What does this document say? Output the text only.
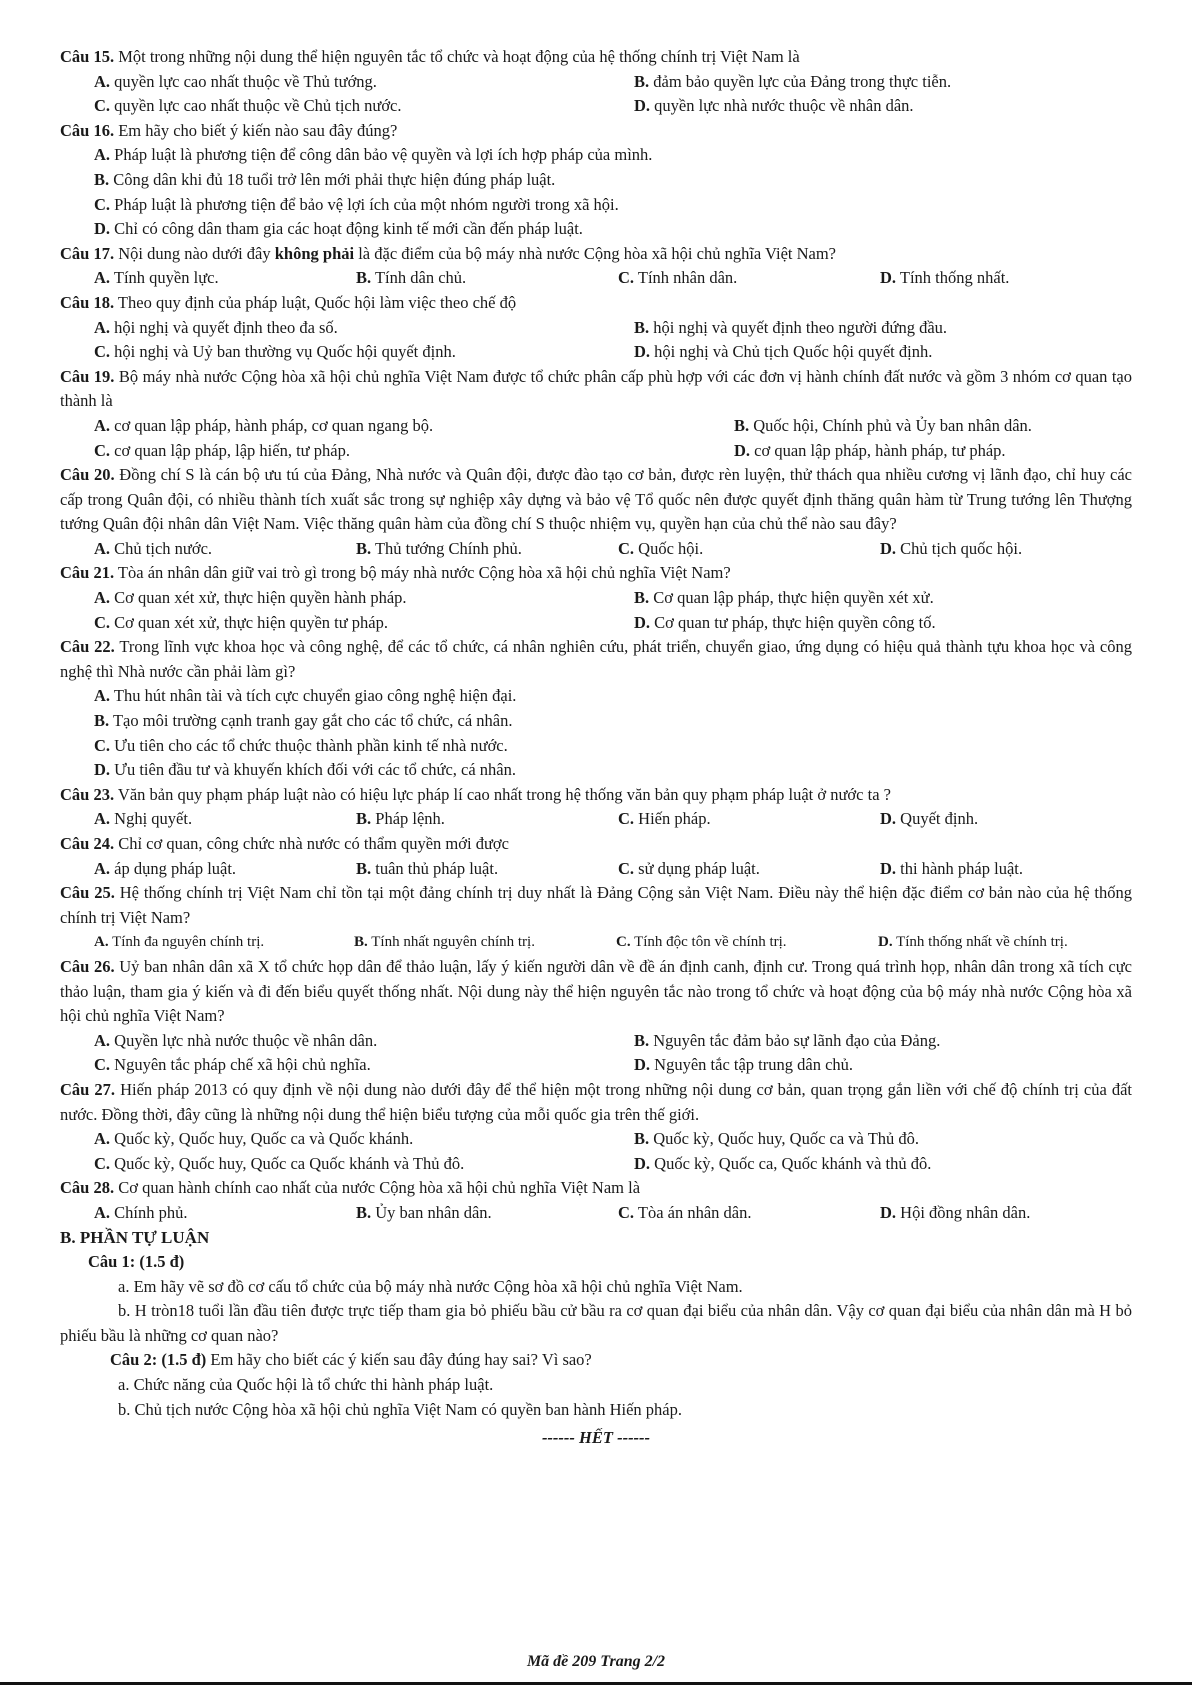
Câu 15. Một trong những nội dung thể hiện nguyên tắc tổ chức và hoạt động của hệ thống chính trị Việt Nam là

A. quyền lực cao nhất thuộc về Thủ tướng.	B. đảm bảo quyền lực của Đảng trong thực tiễn.
C. quyền lực cao nhất thuộc về Chủ tịch nước.	D. quyền lực nhà nước thuộc về nhân dân.

Câu 16. Em hãy cho biết ý kiến nào sau đây đúng?

A. Pháp luật là phương tiện để công dân bảo vệ quyền và lợi ích hợp pháp của mình.
B. Công dân khi đủ 18 tuổi trở lên mới phải thực hiện đúng pháp luật.
C. Pháp luật là phương tiện để bảo vệ lợi ích của một nhóm người trong xã hội.
D. Chỉ có công dân tham gia các hoạt động kinh tế mới cần đến pháp luật.

Câu 17. Nội dung nào dưới đây không phải là đặc điểm của bộ máy nhà nước Cộng hòa xã hội chủ nghĩa Việt Nam?

A. Tính quyền lực.	B. Tính dân chủ.	C. Tính nhân dân.	D. Tính thống nhất.

Câu 18. Theo quy định của pháp luật, Quốc hội làm việc theo chế độ

A. hội nghị và quyết định theo đa số.	B. hội nghị và quyết định theo người đứng đầu.
C. hội nghị và Uỷ ban thường vụ Quốc hội quyết định.	D. hội nghị và Chủ tịch Quốc hội quyết định.

Câu 19. Bộ máy nhà nước Cộng hòa xã hội chủ nghĩa Việt Nam được tổ chức phân cấp phù hợp với các đơn vị hành chính đất nước và gồm 3 nhóm cơ quan tạo thành là

A. cơ quan lập pháp, hành pháp, cơ quan ngang bộ.	B. Quốc hội, Chính phủ và Ủy ban nhân dân.
C. cơ quan lập pháp, lập hiến, tư pháp.	D. cơ quan lập pháp, hành pháp, tư pháp.

Câu 20. Đồng chí S là cán bộ ưu tú của Đảng, Nhà nước và Quân đội, được đào tạo cơ bản, được rèn luyện, thử thách qua nhiều cương vị lãnh đạo, chỉ huy các cấp trong Quân đội, có nhiều thành tích xuất sắc trong sự nghiệp xây dựng và bảo vệ Tổ quốc nên được quyết định thăng quân hàm từ Trung tướng lên Thượng tướng Quân đội nhân dân Việt Nam. Việc thăng quân hàm của đồng chí S thuộc nhiệm vụ, quyền hạn của chủ thể nào sau đây?

A. Chủ tịch nước.	B. Thủ tướng Chính phủ.	C. Quốc hội.	D. Chủ tịch quốc hội.

Câu 21. Tòa án nhân dân giữ vai trò gì trong bộ máy nhà nước Cộng hòa xã hội chủ nghĩa Việt Nam?

A. Cơ quan xét xử, thực hiện quyền hành pháp.	B. Cơ quan lập pháp, thực hiện quyền xét xử.
C. Cơ quan xét xử, thực hiện quyền tư pháp.	D. Cơ quan tư pháp, thực hiện quyền công tố.

Câu 22. Trong lĩnh vực khoa học và công nghệ, để các tổ chức, cá nhân nghiên cứu, phát triển, chuyển giao, ứng dụng có hiệu quả thành tựu khoa học và công nghệ thì Nhà nước cần phải làm gì?

A. Thu hút nhân tài và tích cực chuyển giao công nghệ hiện đại.
B. Tạo môi trường cạnh tranh gay gắt cho các tổ chức, cá nhân.
C. Ưu tiên cho các tổ chức thuộc thành phần kinh tế nhà nước.
D. Ưu tiên đầu tư và khuyến khích đối với các tổ chức, cá nhân.

Câu 23. Văn bản quy phạm pháp luật nào có hiệu lực pháp lí cao nhất trong hệ thống văn bản quy phạm pháp luật ở nước ta ?

A. Nghị quyết.	B. Pháp lệnh.	C. Hiến pháp.	D. Quyết định.

Câu 24. Chỉ cơ quan, công chức nhà nước có thẩm quyền mới được

A. áp dụng pháp luật.	B. tuân thủ pháp luật.	C. sử dụng pháp luật.	D. thi hành pháp luật.

Câu 25. Hệ thống chính trị Việt Nam chỉ tồn tại một đảng chính trị duy nhất là Đảng Cộng sản Việt Nam. Điều này thể hiện đặc điểm cơ bản nào của hệ thống chính trị Việt Nam?

A. Tính đa nguyên chính trị.	B. Tính nhất nguyên chính trị.	C. Tính độc tôn về chính trị.	D. Tính thống nhất về chính trị.

Câu 26. Uỷ ban nhân dân xã X tổ chức họp dân để thảo luận, lấy ý kiến người dân về đề án định canh, định cư. Trong quá trình họp, nhân dân trong xã tích cực thảo luận, tham gia ý kiến và đi đến biểu quyết thống nhất. Nội dung này thể hiện nguyên tắc nào trong tổ chức và hoạt động của bộ máy nhà nước Cộng hòa xã hội chủ nghĩa Việt Nam?

A. Quyền lực nhà nước thuộc về nhân dân.	B. Nguyên tắc đảm bảo sự lãnh đạo của Đảng.
C. Nguyên tắc pháp chế xã hội chủ nghĩa.	D. Nguyên tắc tập trung dân chủ.

Câu 27. Hiến pháp 2013 có quy định về nội dung nào dưới đây để thể hiện một trong những nội dung cơ bản, quan trọng gắn liền với chế độ chính trị của đất nước. Đồng thời, đây cũng là những nội dung thể hiện biểu tượng của mỗi quốc gia trên thế giới.

A. Quốc kỳ, Quốc huy, Quốc ca và Quốc khánh.	B. Quốc kỳ, Quốc huy, Quốc ca và Thủ đô.
C. Quốc kỳ, Quốc huy, Quốc ca Quốc khánh và Thủ đô.	D. Quốc kỳ, Quốc ca, Quốc khánh và thủ đô.

Câu 28. Cơ quan hành chính cao nhất của nước Cộng hòa xã hội chủ nghĩa Việt Nam là

A. Chính phủ.	B. Ủy ban nhân dân.	C. Tòa án nhân dân.	D. Hội đồng nhân dân.

B. PHẦN TỰ LUẬN

Câu 1: (1.5 đ)

a. Em hãy vẽ sơ đồ cơ cấu tổ chức của bộ máy nhà nước Cộng hòa xã hội chủ nghĩa Việt Nam.

b. H tròn18 tuổi lần đầu tiên được trực tiếp tham gia bỏ phiếu bầu cử bầu ra cơ quan đại biểu của nhân dân. Vậy cơ quan đại biểu của nhân dân mà H bỏ phiếu bầu là những cơ quan nào?

Câu 2: (1.5 đ) Em hãy cho biết các ý kiến sau đây đúng hay sai? Vì sao?

a. Chức năng của Quốc hội là tổ chức thi hành pháp luật.

b. Chủ tịch nước Cộng hòa xã hội chủ nghĩa Việt Nam có quyền ban hành Hiến pháp.

------ HẾT ------
Mã đề 209 Trang 2/2
